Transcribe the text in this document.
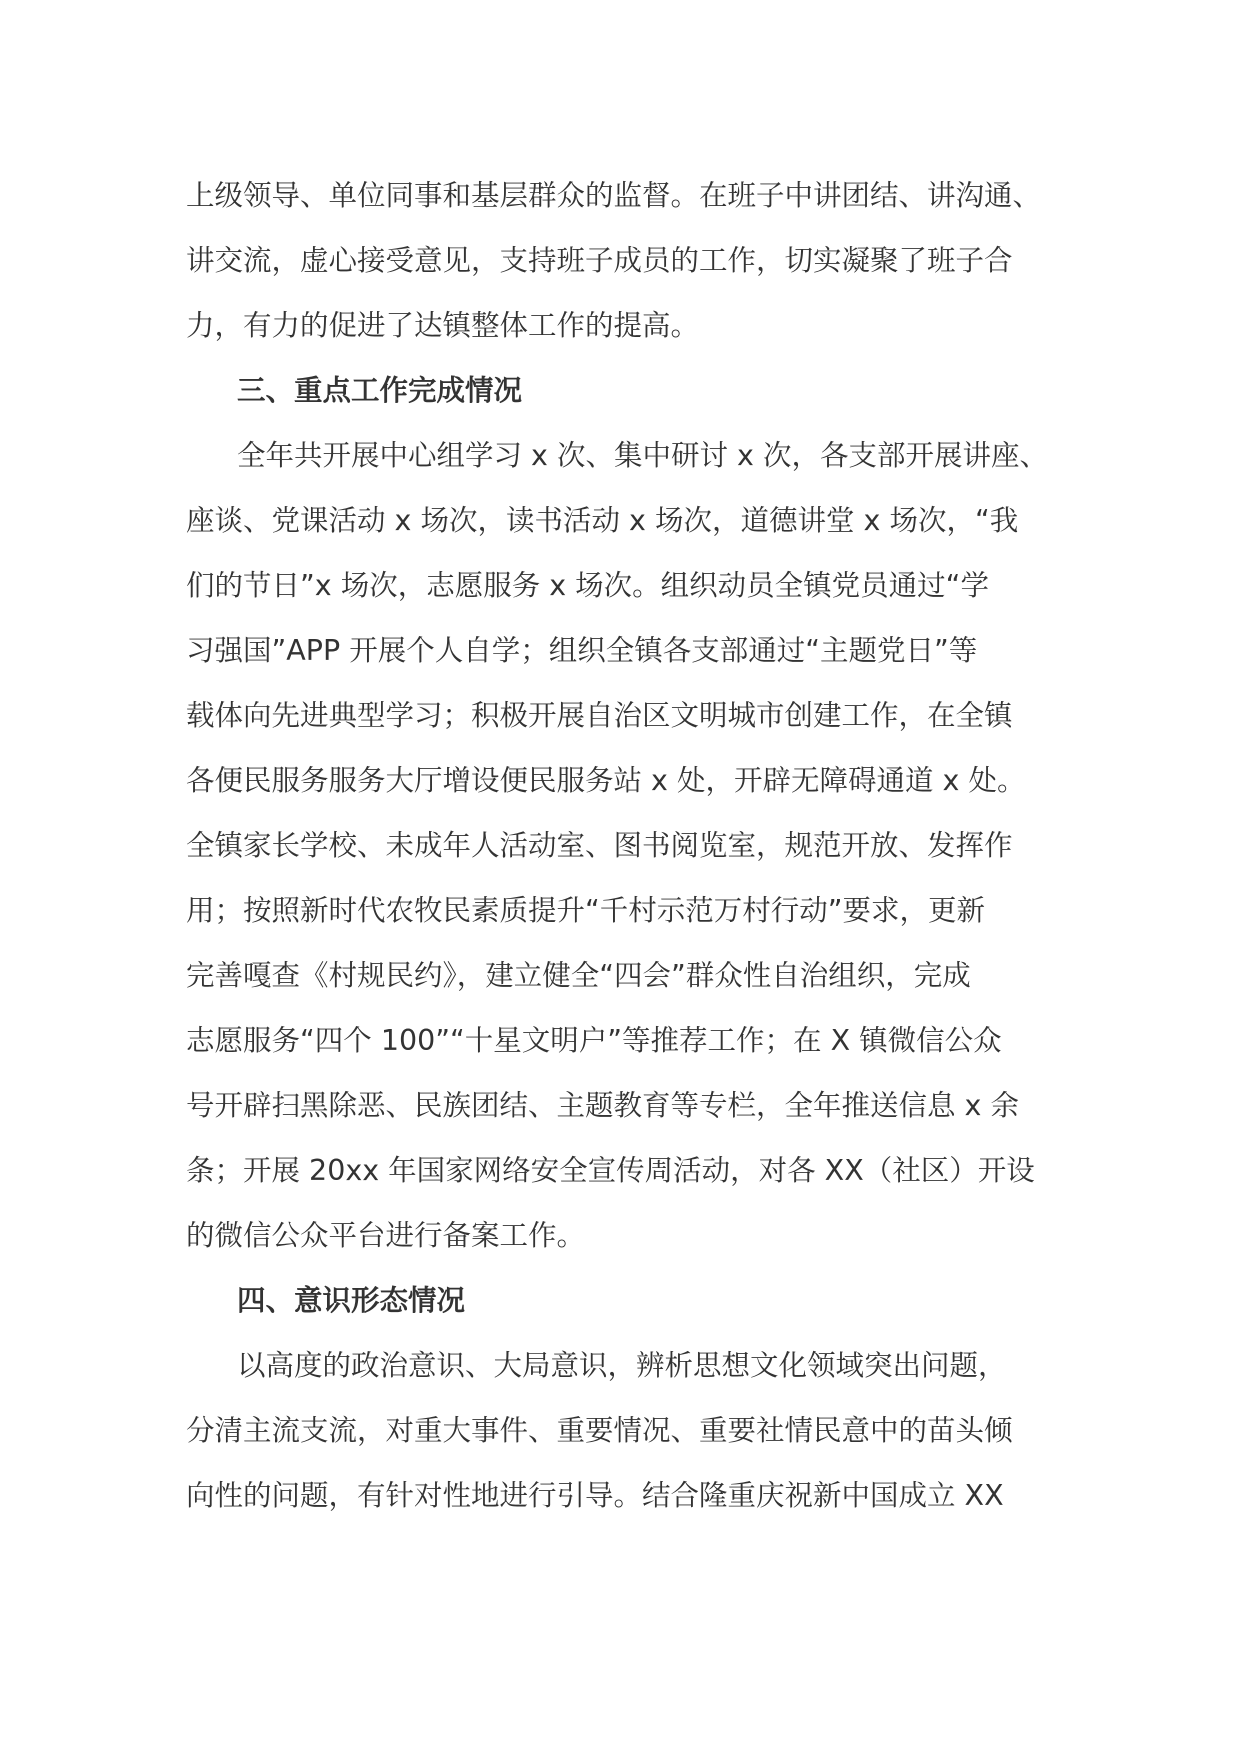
上级领导、单位同事和基层群众的监督。在班子中讲团结、讲沟通、
讲交流，虚心接受意见，支持班子成员的工作，切实凝聚了班子合
力，有力的促进了达镇整体工作的提高。
三、重点工作完成情况
全年共开展中心组学习 x 次、集中研讨 x 次，各支部开展讲座、
座谈、党课活动 x 场次，读书活动 x 场次，道德讲堂 x 场次，“我
们的节日”x 场次，志愿服务 x 场次。组织动员全镇党员通过“学
习强国”APP 开展个人自学；组织全镇各支部通过“主题党日”等
载体向先进典型学习；积极开展自治区文明城市创建工作，在全镇
各便民服务服务大厅增设便民服务站 x 处，开辟无障碍通道 x 处。
全镇家长学校、未成年人活动室、图书阅览室，规范开放、发挥作
用；按照新时代农牧民素质提升“千村示范万村行动”要求，更新
完善嘎查《村规民约》，建立健全“四会”群众性自治组织，完成
志愿服务“四个 100”“十星文明户”等推荐工作；在 X 镇微信公众
号开辟扫黑除恶、民族团结、主题教育等专栏，全年推送信息 x 余
条；开展 20xx 年国家网络安全宣传周活动，对各 XX（社区）开设
的微信公众平台进行备案工作。
四、意识形态情况
以高度的政治意识、大局意识，辨析思想文化领域突出问题，
分清主流支流，对重大事件、重要情况、重要社情民意中的苗头倾
向性的问题，有针对性地进行引导。结合隆重庆祝新中国成立 XX
